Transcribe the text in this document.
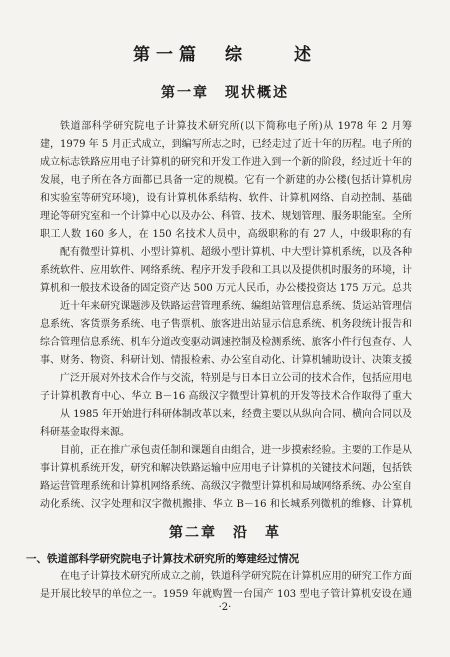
第一篇　综　　述
第一章　现状概述

铁道部科学研究院电子计算技术研究所(以下简称电子所)从 1978 年 2 月筹建，1979 年 5 月正式成立，到编写所志之时，已经走过了近十年的历程。电子所的成立标志铁路应用电子计算机的研究和开发工作进入到一个新的阶段，经过近十年的发展，电子所在各方面都已具备一定的规模。它有一个新建的办公楼(包括计算机房和实验室等研究环境)，设有计算机体系结构、软件、计算机网络、自动控制、基础理论等研究室和一个计算中心以及办公、科管、技术、规划管理、服务职能室。全所职工人数 160 多人，在 150 名技术人员中，高级职称的有 27 人，中级职称的有

配有微型计算机、小型计算机、超级小型计算机、中大型计算机系统，以及各种系统软件、应用软件、网络系统、程序开发手段和工具以及提供机时服务的环境，计算机和一般技术设备的固定资产达 500 万元人民币，办公楼投资达 175 万元。总共

近十年来研究课题涉及铁路运营管理系统、编组站管理信息系统、货运站管理信息系统、客货票务系统、电子售票机、旅客进出站显示信息系统、机务段统计报告和综合管理信息系统、机车分道改变驱动调速控制及检测系统、旅客小件行包查存、人事、财务、物资、科研计划、情报检索、办公室自动化、计算机辅助设计、决策支援

广泛开展对外技术合作与交流，特别是与日本日立公司的技术合作，包括应用电子计算机教育中心、华立 B－16 高级汉字微型计算机的开发等技术合作取得了重大

从 1985 年开始进行科研体制改革以来，经费主要以从纵向合同、横向合同以及科研基金取得来源。

目前，正在推广承包责任制和课题自由组合，进一步摸索经验。主要的工作是从事计算机系统开发，研究和解决铁路运输中应用电子计算机的关键技术问题，包括铁路运营管理系统和计算机网络系统、高级汉字微型计算机和局域网络系统、办公室自动化系统、汉字处理和汉字微机搬排、华立 B－16 和长城系列微机的维修、计算机

第二章　沿　革
一、铁道部科学研究院电子计算技术研究所的筹建经过情况

在电子计算技术研究所成立之前，铁道科学研究院在计算机应用的研究工作方面是开展比较早的单位之一。1959 年就购置一台国产 103 型电子管计算机安设在通

·2·
